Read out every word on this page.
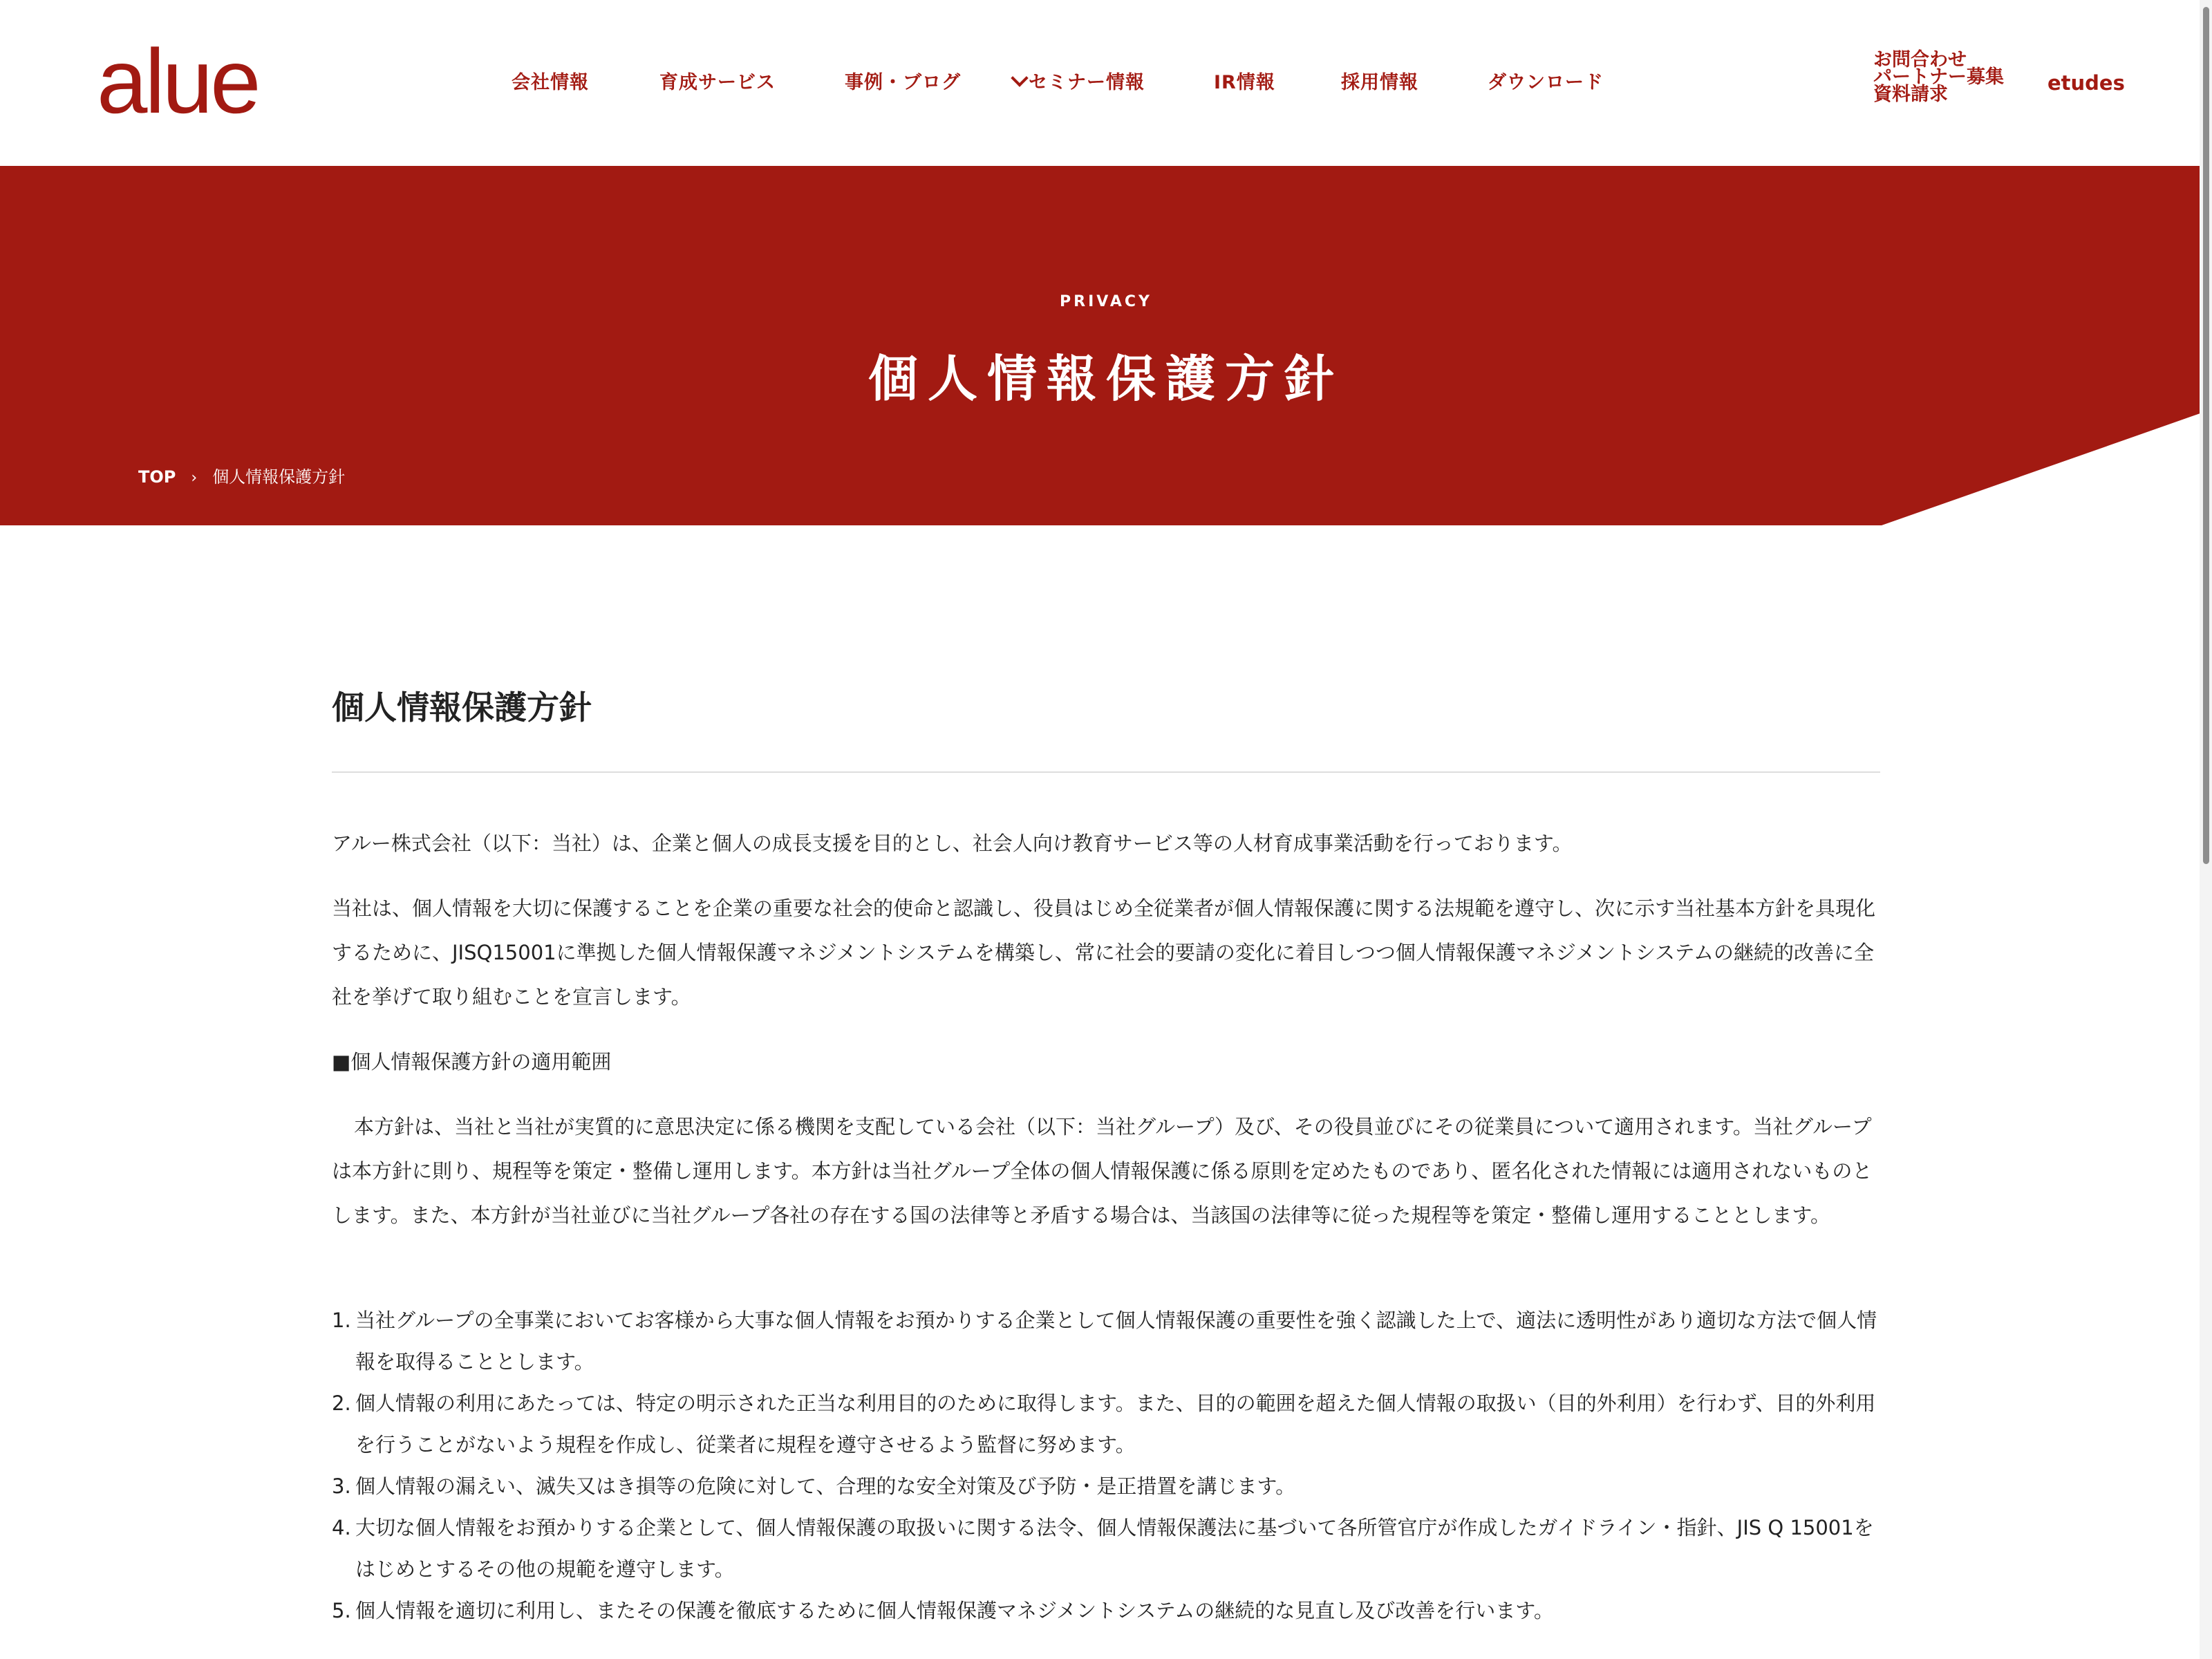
alue	会社情報	育成サービス	事例・ブログ	セミナー情報	IR情報	採用情報	ダウンロード
お問合わせ
パートナー募集
資料請求	etudes
PRIVACY
個人情報保護方針
TOP › 個人情報保護方針
個人情報保護方針

アルー株式会社（以下：当社）は、企業と個人の成長支援を目的とし、社会人向け教育サービス等の人材育成事業活動を行っております。

当社は、個人情報を大切に保護することを企業の重要な社会的使命と認識し、役員はじめ全従業者が個人情報保護に関する法規範を遵守し、次に示す当社基本方針を具現化するために、JISQ15001に準拠した個人情報保護マネジメントシステムを構築し、常に社会的要請の変化に着目しつつ個人情報保護マネジメントシステムの継続的改善に全社を挙げて取り組むことを宣言します。

■個人情報保護方針の適用範囲

本方針は、当社と当社が実質的に意思決定に係る機関を支配している会社（以下：当社グループ）及び、その役員並びにその従業員について適用されます。当社グループは本方針に則り、規程等を策定・整備し運用します。本方針は当社グループ全体の個人情報保護に係る原則を定めたものであり、匿名化された情報には適用されないものとします。また、本方針が当社並びに当社グループ各社の存在する国の法律等と矛盾する場合は、当該国の法律等に従った規程等を策定・整備し運用することとします。

1. 当社グループの全事業においてお客様から大事な個人情報をお預かりする企業として個人情報保護の重要性を強く認識した上で、適法に透明性があり適切な方法で個人情報を取得ることとします。
2. 個人情報の利用にあたっては、特定の明示された正当な利用目的のために取得します。また、目的の範囲を超えた個人情報の取扱い（目的外利用）を行わず、目的外利用を行うことがないよう規程を作成し、従業者に規程を遵守させるよう監督に努めます。
3. 個人情報の漏えい、滅失又はき損等の危険に対して、合理的な安全対策及び予防・是正措置を講じます。
4. 大切な個人情報をお預かりする企業として、個人情報保護の取扱いに関する法令、個人情報保護法に基づいて各所管官庁が作成したガイドライン・指針、JIS Q 15001をはじめとするその他の規範を遵守します。
5. 個人情報を適切に利用し、またその保護を徹底するために個人情報保護マネジメントシステムの継続的な見直し及び改善を行います。
